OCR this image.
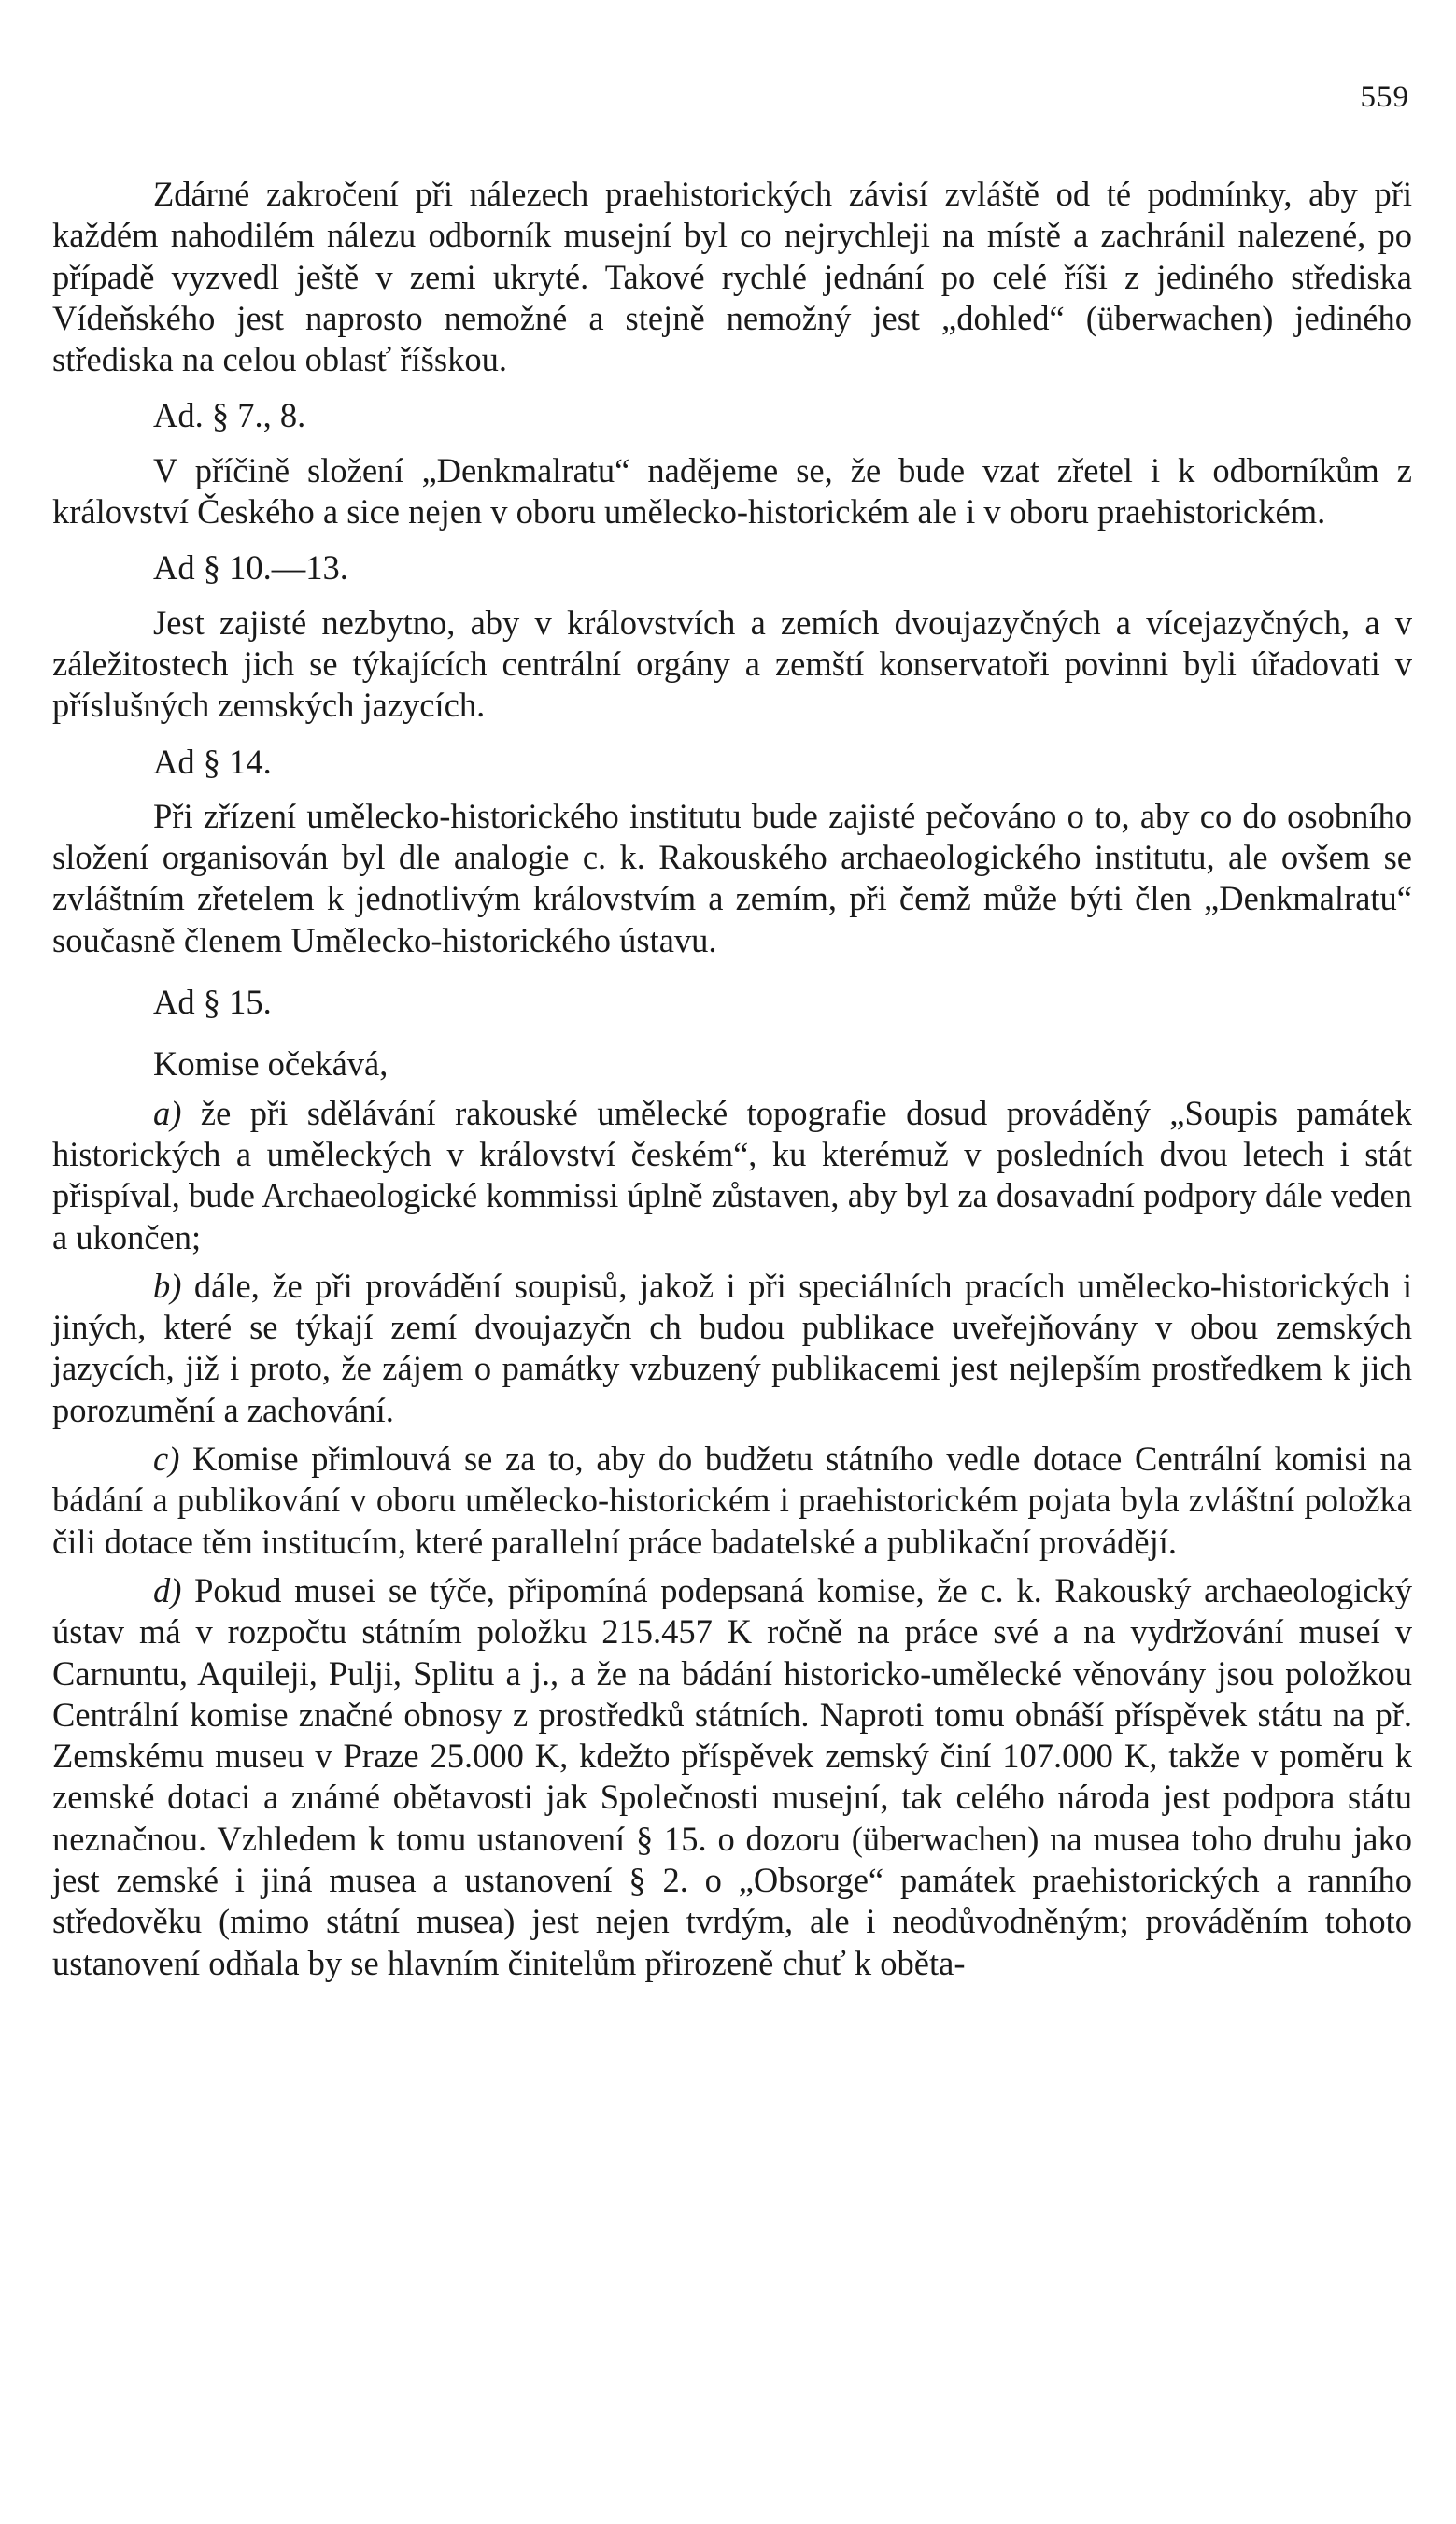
559

Zdárné zakročení při nálezech praehistorických závisí zvláště od té podmínky, aby při každém nahodilém nálezu odborník musejní byl co nejrychleji na místě a zachránil nalezené, po případě vyzvedl ještě v zemi ukryté. Takové rychlé jednání po celé říši z jediného střediska Vídeňského jest naprosto nemožné a stejně nemožný jest „dohled“ (überwachen) jediného střediska na celou oblasť říšskou.

Ad. § 7., 8.

V příčině složení „Denkmalratu“ nadějeme se, že bude vzat zřetel i k odborníkům z království Českého a sice nejen v oboru umělecko-historickém ale i v oboru praehistorickém.

Ad § 10.—13.

Jest zajisté nezbytno, aby v královstvích a zemích dvoujazyčných a vícejazyčných, a v záležitostech jich se týkajících centrální orgány a zemští konservatoři povinni byli úřadovati v příslušných zemských jazycích.

Ad § 14.

Při zřízení umělecko-historického institutu bude zajisté pečováno o to, aby co do osobního složení organisován byl dle analogie c. k. Rakouského archaeologického institutu, ale ovšem se zvláštním zřetelem k jednotlivým královstvím a zemím, při čemž může býti člen „Denkmalratu“ současně členem Umělecko-historického ústavu.

Ad § 15.

Komise očekává,

a) že při sdělávání rakouské umělecké topografie dosud prováděný „Soupis památek historických a uměleckých v království českém“, ku kterémuž v posledních dvou letech i stát přispíval, bude Archaeologické kommissi úplně zůstaven, aby byl za dosavadní podpory dále veden a ukončen;

b) dále, že při provádění soupisů, jakož i při speciálních pracích umělecko-historických i jiných, které se týkají zemí dvoujazyčn ch budou publikace uveřejňovány v obou zemských jazycích, již i proto, že zájem o památky vzbuzený publikacemi jest nejlepším prostředkem k jich porozumění a zachování.

c) Komise přimlouvá se za to, aby do budžetu státního vedle dotace Centrální komisi na bádání a publikování v oboru umělecko-historickém i praehistorickém pojata byla zvláštní položka čili dotace těm institucím, které parallelní práce badatelské a publikační provádějí.

d) Pokud musei se týče, připomíná podepsaná komise, že c. k. Rakouský archaeologický ústav má v rozpočtu státním položku 215.457 K ročně na práce své a na vydržování museí v Carnuntu, Aquileji, Pulji, Splitu a j., a že na bádání historicko-umělecké věnovány jsou položkou Centrální komise značné obnosy z prostředků státních. Naproti tomu obnáší příspěvek státu na př. Zemskému museu v Praze 25.000 K, kdežto příspěvek zemský činí 107.000 K, takže v poměru k zemské dotaci a známé obětavosti jak Společnosti musejní, tak celého národa jest podpora státu neznačnou. Vzhledem k tomu ustanovení § 15. o dozoru (überwachen) na musea toho druhu jako jest zemské i jiná musea a ustanovení § 2. o „Obsorge“ památek praehistorických a ranního středověku (mimo státní musea) jest nejen tvrdým, ale i neodůvodněným; prováděním tohoto ustanovení odňala by se hlavním činitelům přirozeně chuť k oběta-
